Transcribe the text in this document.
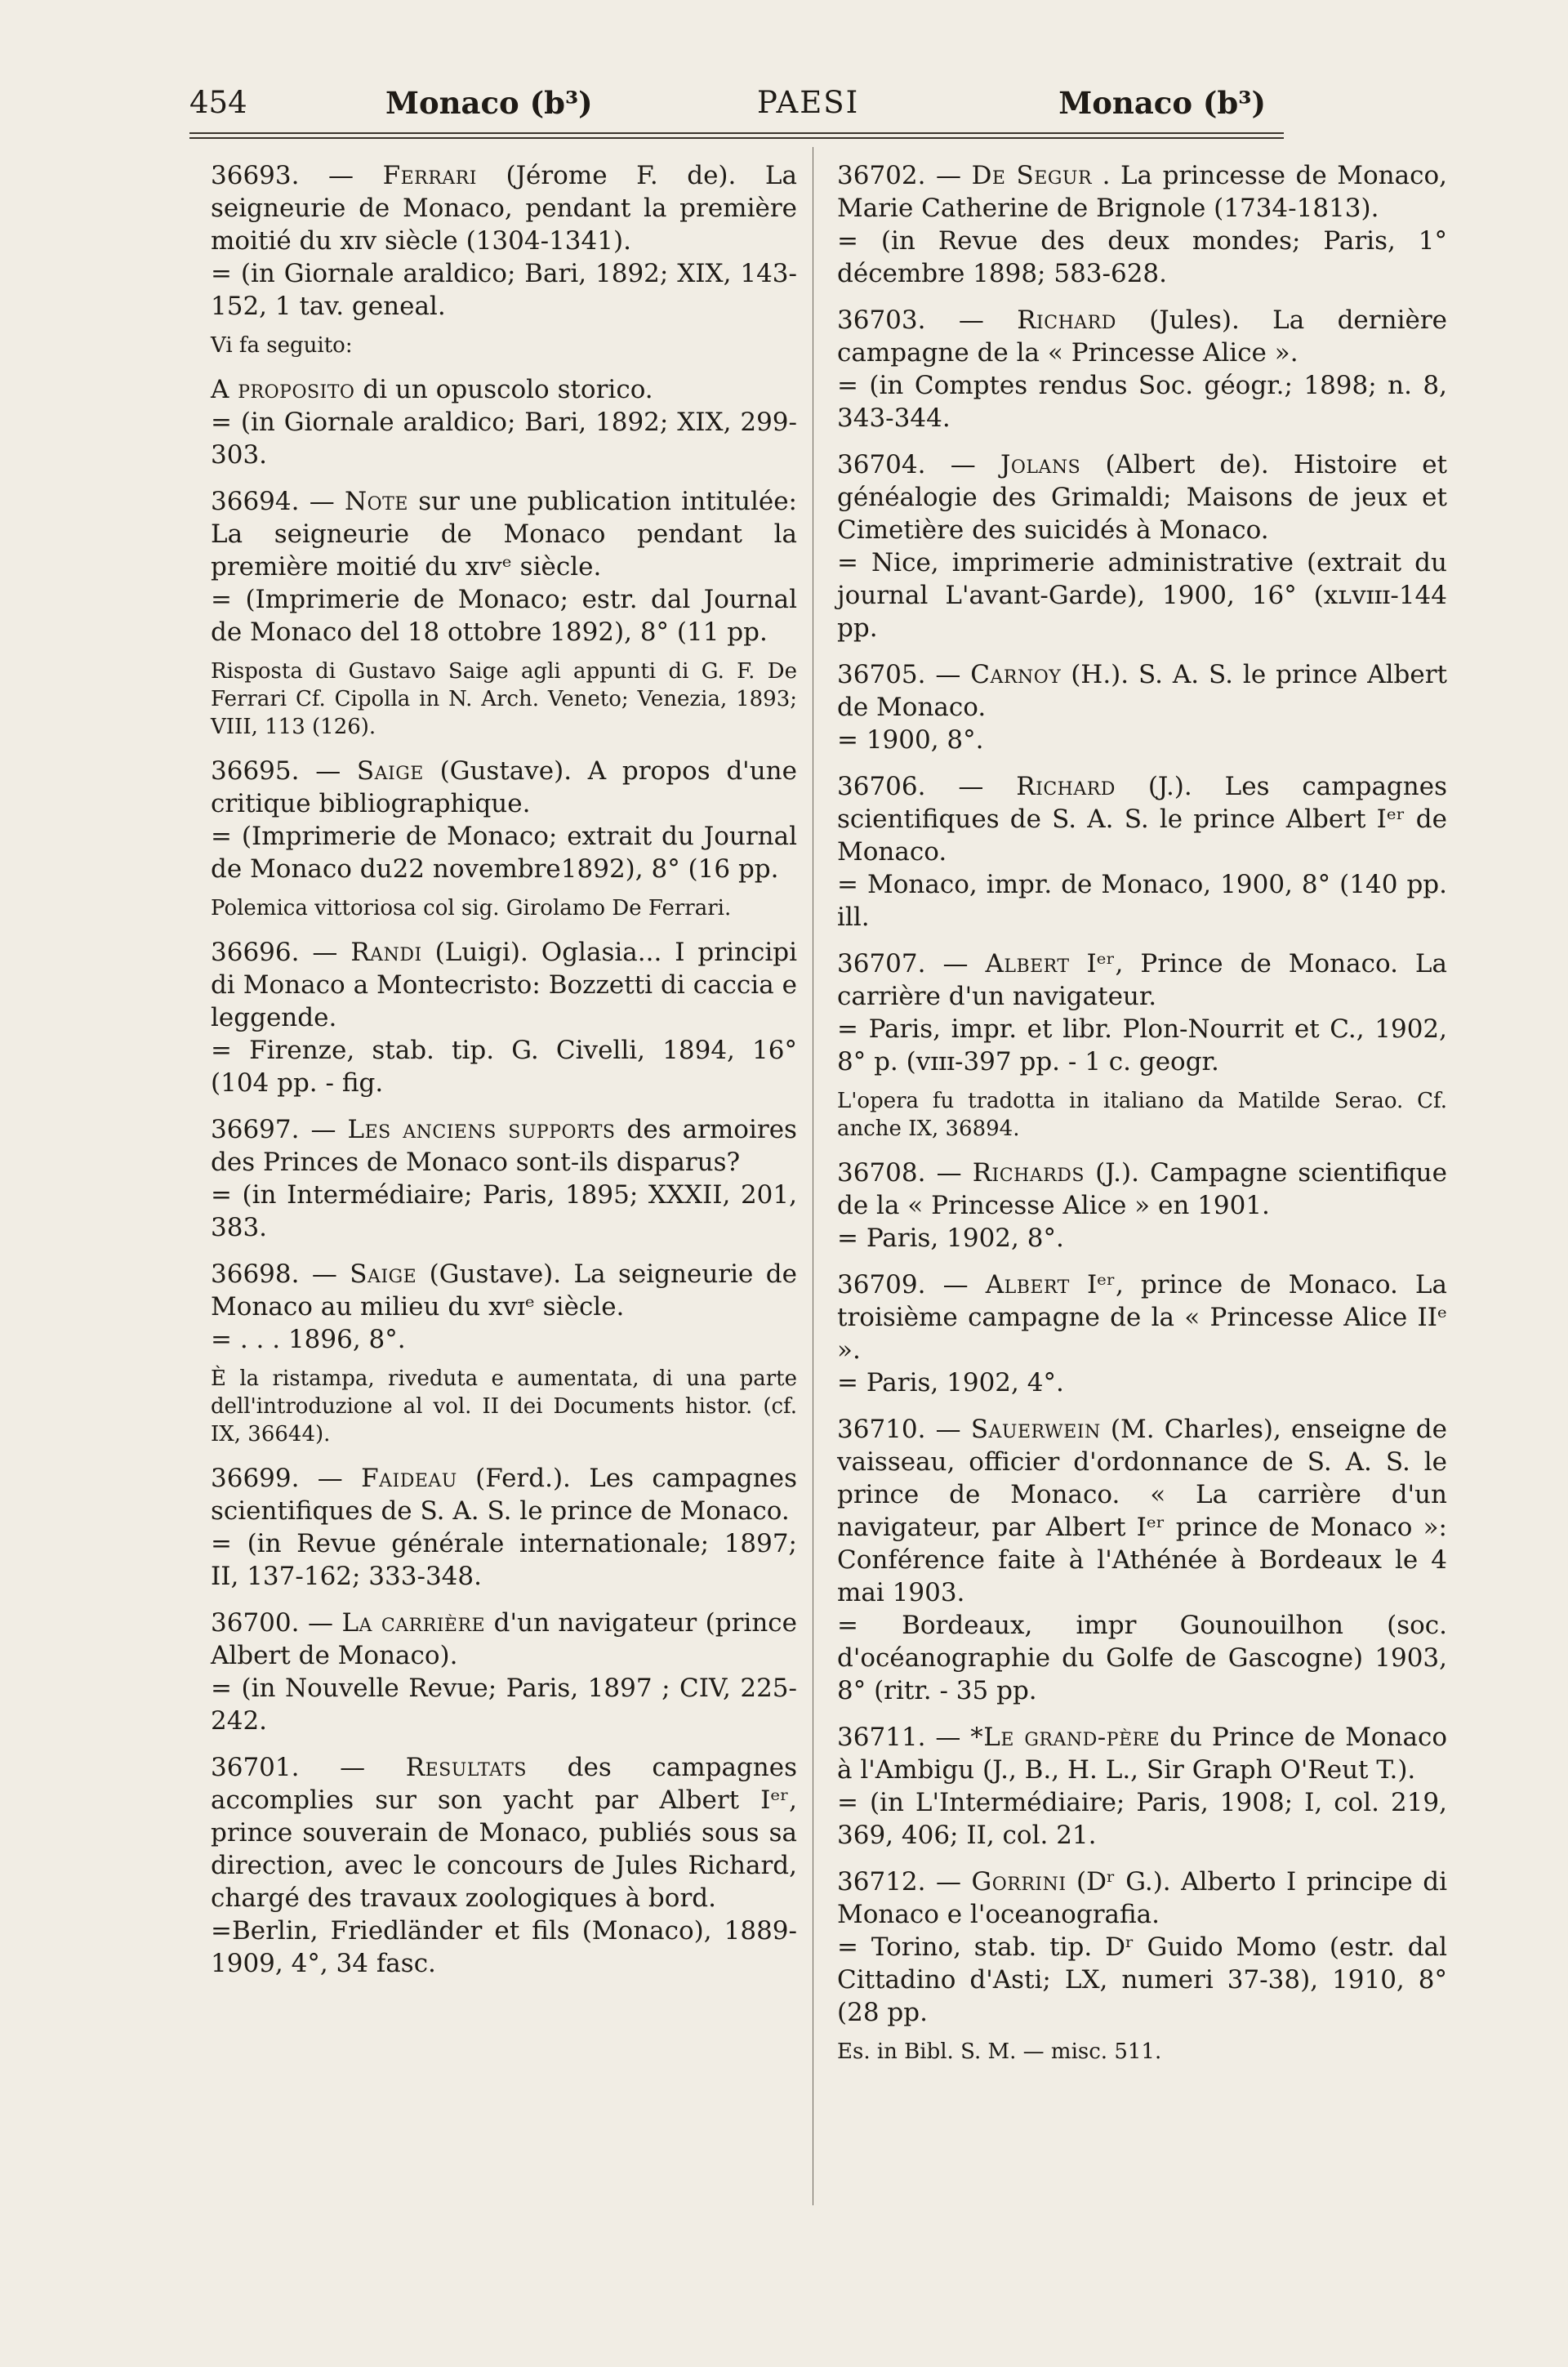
454	Monaco (b³)	PAESI	Monaco (b³)
36693. — Ferrari (Jérome F. de). La seigneurie de Monaco, pendant la première moitié du xɪv siècle (1304-1341).
= (in Giornale araldico; Bari, 1892; XIX, 143-152, 1 tav. geneal.
Vi fa seguito:
A proposito di un opuscolo storico.
= (in Giornale araldico; Bari, 1892; XIX, 299-303.
36694. — Note sur une publication intitulée: La seigneurie de Monaco pendant la première moitié du xɪvᵉ siècle.
= (Imprimerie de Monaco; estr. dal Journal de Monaco del 18 ottobre 1892), 8° (11 pp.
Risposta di Gustavo Saige agli appunti di G. F. De Ferrari Cf. Cipolla in N. Arch. Veneto; Venezia, 1893; VIII, 113 (126).
36695. — Saige (Gustave). A propos d'une critique bibliographique.
= (Imprimerie de Monaco; extrait du Journal de Monaco du22 novembre1892), 8° (16 pp.
Polemica vittoriosa col sig. Girolamo De Ferrari.
36696. — Randi (Luigi). Oglasia... I principi di Monaco a Montecristo: Bozzetti di caccia e leggende.
= Firenze, stab. tip. G. Civelli, 1894, 16° (104 pp. - fig.
36697. — Les anciens supports des armoires des Princes de Monaco sont-ils disparus?
= (in Intermédiaire; Paris, 1895; XXXII, 201, 383.
36698. — Saige (Gustave). La seigneurie de Monaco au milieu du xvɪᵉ siècle.
= . . . 1896, 8°.
È la ristampa, riveduta e aumentata, di una parte dell'introduzione al vol. II dei Documents histor. (cf. IX, 36644).
36699. — Faideau (Ferd.). Les campagnes scientifiques de S. A. S. le prince de Monaco.
= (in Revue générale internationale; 1897; II, 137-162; 333-348.
36700. — La carrière d'un navigateur (prince Albert de Monaco).
= (in Nouvelle Revue; Paris, 1897 ; CIV, 225-242.
36701. — Resultats des campagnes accomplies sur son yacht par Albert Iᵉʳ, prince souverain de Monaco, publiés sous sa direction, avec le concours de Jules Richard, chargé des travaux zoologiques à bord.
=Berlin, Friedländer et fils (Monaco), 1889-1909, 4°, 34 fasc.
36702. — De Segur . La princesse de Monaco, Marie Catherine de Brignole (1734-1813).
= (in Revue des deux mondes; Paris, 1° décembre 1898; 583-628.
36703. — Richard (Jules). La dernière campagne de la « Princesse Alice ».
= (in Comptes rendus Soc. géogr.; 1898; n. 8, 343-344.
36704. — Jolans (Albert de). Histoire et généalogie des Grimaldi; Maisons de jeux et Cimetière des suicidés à Monaco.
= Nice, imprimerie administrative (extrait du journal L'avant-Garde), 1900, 16° (xʟᴠɪɪɪ-144 pp.
36705. — Carnoy (H.). S. A. S. le prince Albert de Monaco.
= 1900, 8°.
36706. — Richard (J.). Les campagnes scientifiques de S. A. S. le prince Albert Iᵉʳ de Monaco.
= Monaco, impr. de Monaco, 1900, 8° (140 pp. ill.
36707. — Albert Iᵉʳ, Prince de Monaco. La carrière d'un navigateur.
= Paris, impr. et libr. Plon-Nourrit et C., 1902, 8° p. (ᴠɪɪɪ-397 pp. - 1 c. geogr.
L'opera fu tradotta in italiano da Matilde Serao. Cf. anche IX, 36894.
36708. — Richards (J.). Campagne scientifique de la « Princesse Alice » en 1901.
= Paris, 1902, 8°.
36709. — Albert Iᵉʳ, prince de Monaco. La troisième campagne de la « Princesse Alice IIᵉ ».
= Paris, 1902, 4°.
36710. — Sauerwein (M. Charles), enseigne de vaisseau, officier d'ordonnance de S. A. S. le prince de Monaco. « La carrière d'un navigateur, par Albert Iᵉʳ prince de Monaco »: Conférence faite à l'Athénée à Bordeaux le 4 mai 1903.
= Bordeaux, impr Gounouilhon (soc. d'océanographie du Golfe de Gascogne) 1903, 8° (ritr. - 35 pp.
36711. — *Le grand-père du Prince de Monaco à l'Ambigu (J., B., H. L., Sir Graph O'Reut T.).
= (in L'Intermédiaire; Paris, 1908; I, col. 219, 369, 406; II, col. 21.
36712. — Gorrini (Dʳ G.). Alberto I principe di Monaco e l'oceanografia.
= Torino, stab. tip. Dʳ Guido Momo (estr. dal Cittadino d'Asti; LX, numeri 37-38), 1910, 8° (28 pp.
Es. in Bibl. S. M. — misc. 511.
